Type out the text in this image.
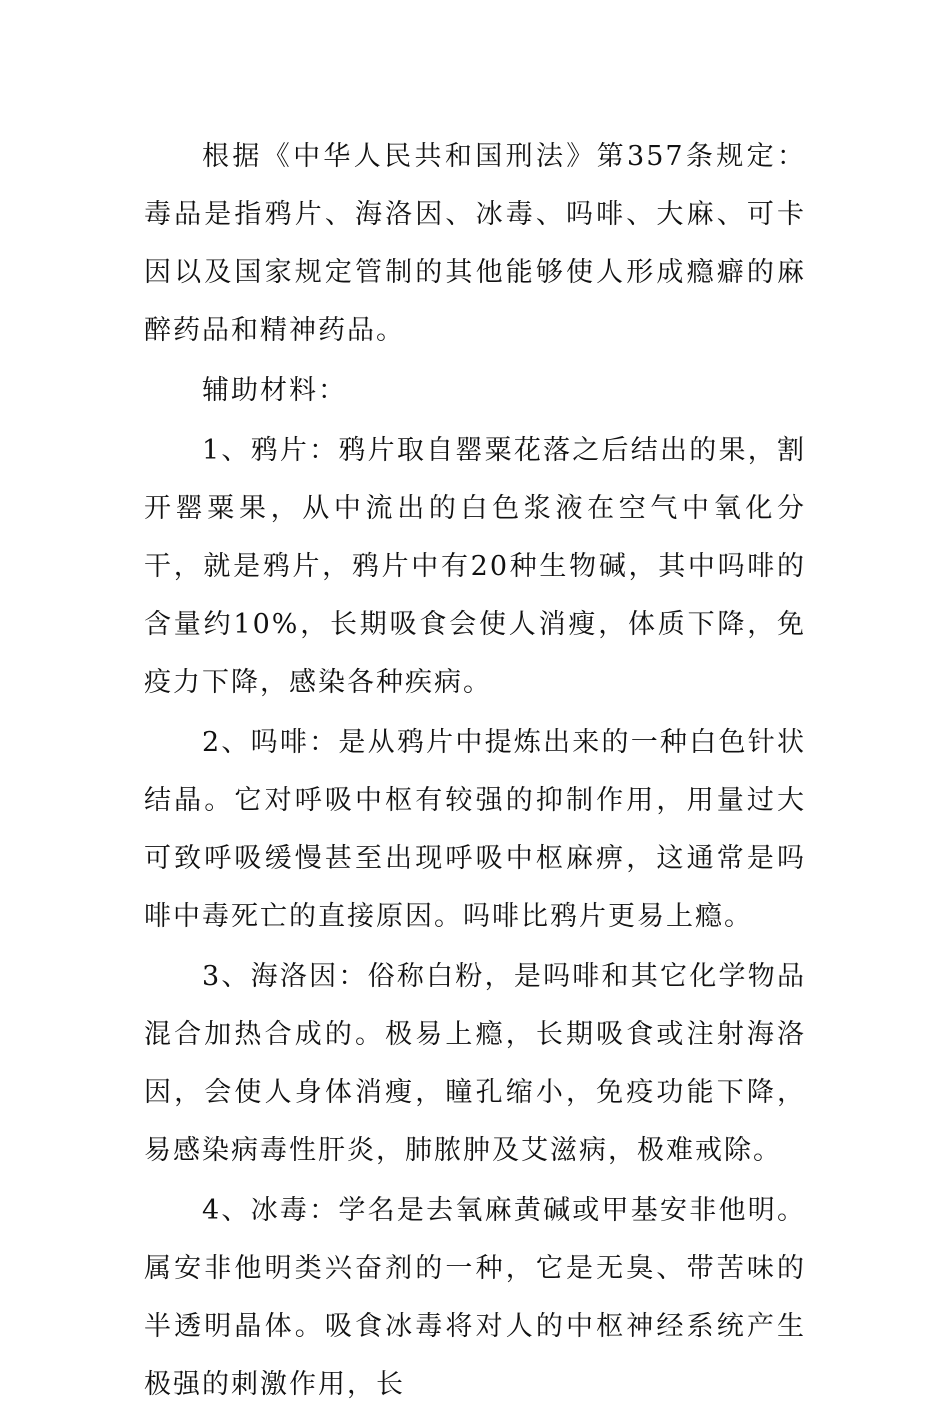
根据《中华人民共和国刑法》第357条规定：毒品是指鸦片、海洛因、冰毒、吗啡、大麻、可卡因以及国家规定管制的其他能够使人形成瘾癖的麻醉药品和精神药品。

辅助材料：

1、鸦片：鸦片取自罂粟花落之后结出的果，割开罂粟果，从中流出的白色浆液在空气中氧化分干，就是鸦片，鸦片中有20种生物碱，其中吗啡的含量约10%，长期吸食会使人消瘦，体质下降，免疫力下降，感染各种疾病。

2、吗啡：是从鸦片中提炼出来的一种白色针状结晶。它对呼吸中枢有较强的抑制作用，用量过大可致呼吸缓慢甚至出现呼吸中枢麻痹，这通常是吗啡中毒死亡的直接原因。吗啡比鸦片更易上瘾。

3、海洛因：俗称白粉，是吗啡和其它化学物品混合加热合成的。极易上瘾，长期吸食或注射海洛因，会使人身体消瘦，瞳孔缩小，免疫功能下降，易感染病毒性肝炎，肺脓肿及艾滋病，极难戒除。

4、冰毒：学名是去氧麻黄碱或甲基安非他明。属安非他明类兴奋剂的一种，它是无臭、带苦味的半透明晶体。吸食冰毒将对人的中枢神经系统产生极强的刺激作用，长
